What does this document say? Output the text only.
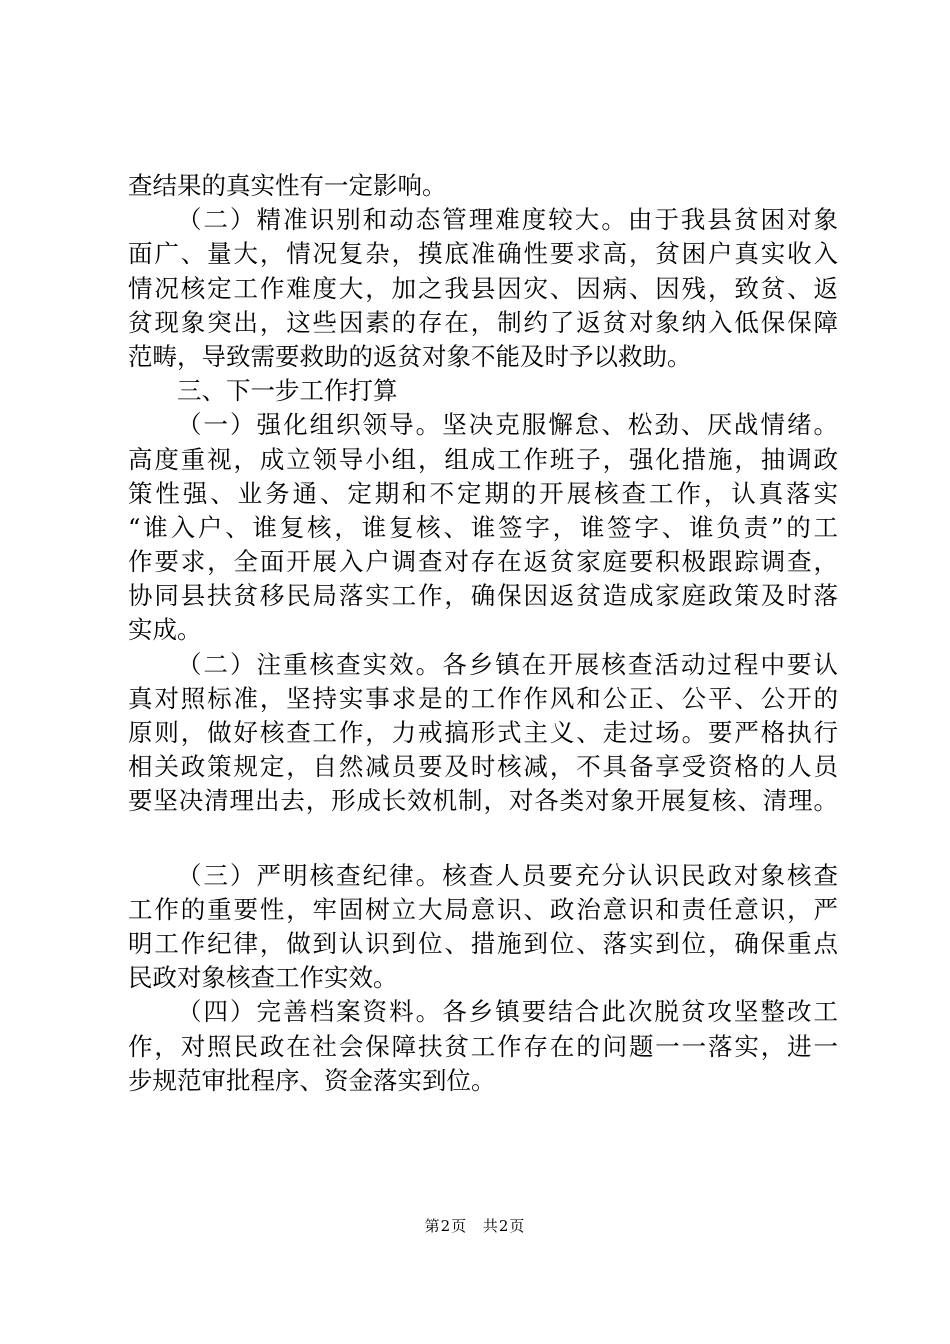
查结果的真实性有一定影响。
（二）精准识别和动态管理难度较大。由于我县贫困对象
面广、量大，情况复杂，摸底准确性要求高，贫困户真实收入
情况核定工作难度大，加之我县因灾、因病、因残，致贫、返
贫现象突出，这些因素的存在，制约了返贫对象纳入低保保障
范畴，导致需要救助的返贫对象不能及时予以救助。
三、下一步工作打算
（一）强化组织领导。坚决克服懈怠、松劲、厌战情绪。
高度重视，成立领导小组，组成工作班子，强化措施，抽调政
策性强、业务通、定期和不定期的开展核查工作，认真落实
“谁入户、谁复核，谁复核、谁签字，谁签字、谁负责”的工
作要求，全面开展入户调查对存在返贫家庭要积极跟踪调查，
协同县扶贫移民局落实工作，确保因返贫造成家庭政策及时落
实成。
（二）注重核查实效。各乡镇在开展核查活动过程中要认
真对照标准，坚持实事求是的工作作风和公正、公平、公开的
原则，做好核查工作，力戒搞形式主义、走过场。要严格执行
相关政策规定，自然减员要及时核减，不具备享受资格的人员
要坚决清理出去，形成长效机制，对各类对象开展复核、清理。
（三）严明核查纪律。核查人员要充分认识民政对象核查
工作的重要性，牢固树立大局意识、政治意识和责任意识，严
明工作纪律，做到认识到位、措施到位、落实到位，确保重点
民政对象核查工作实效。
（四）完善档案资料。各乡镇要结合此次脱贫攻坚整改工
作，对照民政在社会保障扶贫工作存在的问题一一落实，进一
步规范审批程序、资金落实到位。
第2页 共2页
